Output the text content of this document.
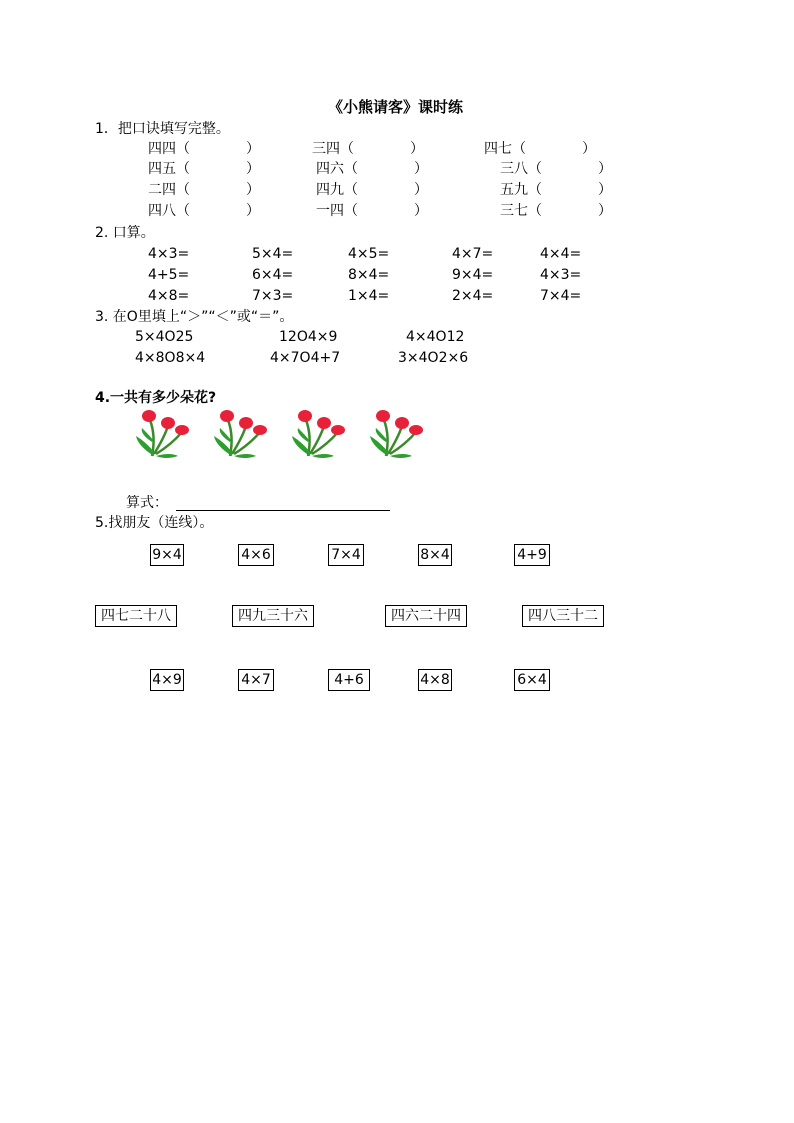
《小熊请客》课时练
1．把口诀填写完整。
四四（　　　　）	三四（　　　　）	四七（　　　　）
四五（　　　　）	四六（　　　　）	三八（　　　　）
二四（　　　　）	四九（　　　　）	五九（　　　　）
四八（　　　　）	一四（　　　　）	三七（　　　　）
2. 口算。
4×3=	5×4=	4×5=	4×7=	4×4=
4+5=	6×4=	8×4=	9×4=	4×3=
4×8=	7×3=	1×4=	2×4=	7×4=
3. 在O里填上“＞”“＜”或“＝”。
5×4O25	12O4×9	4×4O12
4×8O8×4	4×7O4+7	3×4O2×6
4.一共有多少朵花?
算式：
5.找朋友（连线）。
9×4	4×6	7×4	8×4	4+9
四七二十八	四九三十六	四六二十四	四八三十二
4×9	4×7	4+6	4×8	6×4
